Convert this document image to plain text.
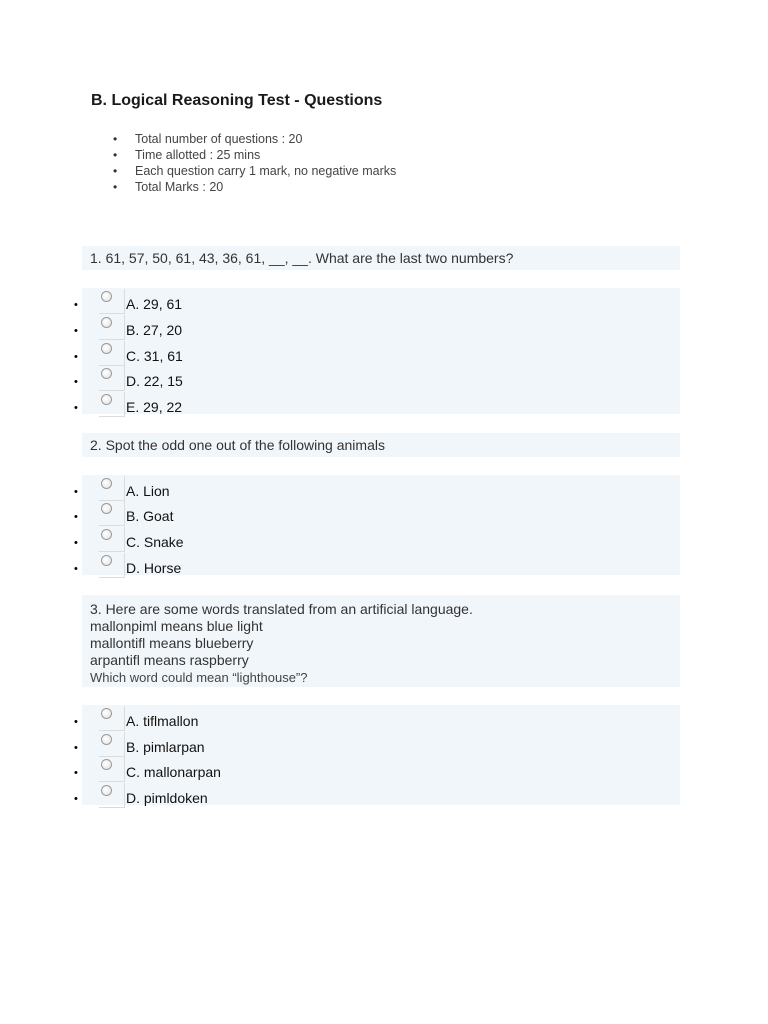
B. Logical Reasoning Test - Questions
• Total number of questions : 20
• Time allotted : 25 mins
• Each question carry 1 mark, no negative marks
• Total Marks : 20
1. 61, 57, 50, 61, 43, 36, 61, __, __. What are the last two numbers?
•	A. 29, 61
•	B. 27, 20
•	C. 31, 61
•	D. 22, 15
•	E. 29, 22
2. Spot the odd one out of the following animals
•	A. Lion
•	B. Goat
•	C. Snake
•	D. Horse
3. Here are some words translated from an artificial language.
mallonpiml means blue light
mallontifl means blueberry
arpantifl means raspberry
Which word could mean “lighthouse”?
•	A. tiflmallon
•	B. pimlarpan
•	C. mallonarpan
•	D. pimldoken
